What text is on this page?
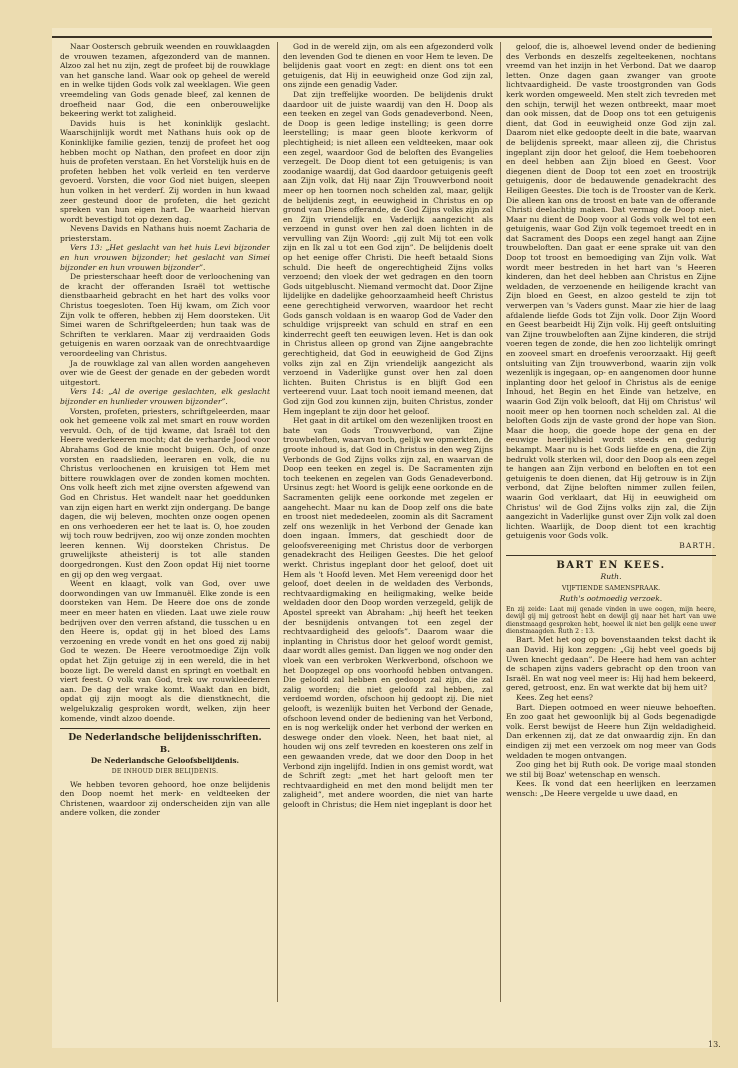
Naar Oostersch gebruik weenden en rouwklaagden de vrouwen tezamen, afgezonderd van de mannen. Alzoo zal het nu zijn, zegt de profeet bij de rouwklage van het gansche land. Waar ook op geheel de wereld en in welke tijden Gods volk zal weeklagen. Wie geen vreemdeling van Gods genade bleef, zal kennen de droefheid naar God, die een onberouwelijke bekeering werkt tot zaligheid.

Davids huis is het koninklijk geslacht. Waarschijnlijk wordt met Nathans huis ook op de Koninklijke familie gezien, tenzij de profeet het oog hebben mocht op Nathan, den profeet en door zijn huis de profeten verstaan. En het Vorstelijk huis en de profeten hebben het volk verleid en ten verderve gevoerd. Vorsten, die voor God niet buigen, sleepen hun volken in het verderf. Zij worden in hun kwaad zeer gesteund door de profeten, die het gezicht spreken van hun eigen hart. De waarheid hiervan wordt bevestigd tot op dezen dag.

Nevens Davids en Nathans huis noemt Zacharia de priesterstam.

Vers 13: „Het geslacht van het huis Levi bijzonder en hun vrouwen bijzonder; het geslacht van Simei bijzonder en hun vrouwen bijzonder”.

De priesterschaar heeft door de verloochening van de kracht der offeranden Israël tot wettische dienstbaarheid gebracht en het hart des volks voor Christus toegesloten. Toen Hij kwam, om Zich voor Zijn volk te offeren, hebben zij Hem doorsteken. Uit Simei waren de Schriftgeleerden; hun taak was de Schriften te verklaren. Maar zij verdraaiden Gods getuigenis en waren oorzaak van de onrechtvaardige veroordeeling van Christus.

Ja de rouwklage zal van allen worden aangeheven over wie de Geest der genade en der gebeden wordt uitgestort.

Vers 14: „Al de overige geslachten, elk geslacht bijzonder en hunlieder vrouwen bijzonder”.

Vorsten, profeten, priesters, schriftgeleerden, maar ook het gemeene volk zal met smart en rouw worden vervuld. Och, of de tijd kwame, dat Israël tot den Heere wederkeeren mocht; dat de verharde Jood voor Abrahams God de knie mocht buigen. Och, of onze vorsten en raadslieden, leeraren en volk, die nu Christus verloochenen en kruisigen tot Hem met bittere rouwklagen over de zonden komen mochten. Ons volk heeft zich met zijne oversten afgewend van God en Christus. Het wandelt naar het goeddunken van zijn eigen hart en werkt zijn ondergang. De bange dagen, die wij beleven, mochten onze oogen openen en ons verhoederen eer het te laat is. O, hoe zouden wij toch rouw bedrijven, zoo wij onze zonden mochten leeren kennen. Wij doorsteken Christus. De gruwelijkste atheisterij is tot alle standen doorgedrongen. Kust den Zoon opdat Hij niet toorne en gij op den weg vergaat.

Weent en klaagt, volk van God, over uwe doorwondingen van uw Immanuël. Elke zonde is een doorsteken van Hem. De Heere doe ons de zonde meer en meer haten en vlieden. Laat uwe ziele rouw bedrijven over den verren afstand, die tusschen u en den Heere is, opdat gij in het bloed des Lams verzoening en vrede vondt en het ons goed zij nabij God te wezen. De Heere verootmoedige Zijn volk opdat het Zijn getuige zij in een wereld, die in het booze ligt. De wereld danst en springt en voetbalt en viert feest. O volk van God, trek uw rouwkleederen aan. De dag der wrake komt. Waakt dan en bidt, opdat gij zijn moogt als die dienstknecht, die welgelukzalig gesproken wordt, welken, zijn heer komende, vindt alzoo doende.

De Nederlandsche belijdenisschriften.
B.
De Nederlandsche Geloofsbelijdenis.
DE INHOUD DIER BELIJDENIS.

We hebben tevoren gehoord, hoe onze belijdenis den Doop noemt het merk- en veldteeken der Christenen, waardoor zij onderscheiden zijn van alle andere volken, die zonder

God in de wereld zijn, om als een afgezonderd volk den levenden God te dienen en voor Hem te leven. De belijdenis gaat voort en zegt: en dient ons tot een getuigenis, dat Hij in eeuwigheid onze God zijn zal, ons zijnde een genadig Vader.

Dat zijn treffelijke woorden. De belijdenis drukt daardoor uit de juiste waardij van den H. Doop als een teeken en zegel van Gods genadeverbond. Neen, de Doop is geen ledige instelling; is geen dorre leerstelling; is maar geen bloote kerkvorm of plechtigheid; is niet alleen een veldteeken, maar ook een zegel, waardoor God de beloften des Evangelies verzegelt. De Doop dient tot een getuigenis; is van zoodanige waardij, dat God daardoor getuigenis geeft aan Zijn volk, dat Hij naar Zijn Trouwverbond nooit meer op hen toornen noch schelden zal, maar, gelijk de belijdenis zegt, in eeuwigheid in Christus en op grond van Diens offerande, de God Zijns volks zijn zal en Zijn vriendelijk en Vaderlijk aangezicht als verzoend in gunst over hen zal doen lichten in de vervulling van Zijn Woord: „gij zult Mij tot een volk zijn en Ik zal u tot een God zijn”. De belijdenis doelt op het eenige offer Christi. Die heeft betaald Sions schuld. Die heeft de ongerechtigheid Zijns volks verzoend; den vloek der wet gedragen en den toorn Gods uitgebluscht. Niemand vermocht dat. Door Zijne lijdelijke en dadelijke gehoorzaamheid heeft Christus eene gerechtigheid verworven, waardoor het recht Gods gansch voldaan is en waarop God de Vader den schuldige vrijspreekt van schuld en straf en een kinderrecht geeft ten eeuwigen leven. Het is dan ook in Christus alleen op grond van Zijne aangebrachte gerechtigheid, dat God in eeuwigheid de God Zijns volks zijn zal en Zijn vriendelijk aangezicht als verzoend in Vaderlijke gunst over hen zal doen lichten. Buiten Christus is en blijft God een verteerend vuur. Laat toch nooit iemand meenen, dat God zijn God zou kunnen zijn, buiten Christus, zonder Hem ingeplant te zijn door het geloof.

Het gaat in dit artikel om den wezenlijken troost en bate van Gods Trouwverbond, van Zijne trouwbeloften, waarvan toch, gelijk we opmerkten, de groote inhoud is, dat God in Christus in den weg Zijns Verbonds de God Zijns volks zijn zal, en waarvan de Doop een teeken en zegel is. De Sacramenten zijn toch teekenen en zegelen van Gods Genadeverbond. Ursinus zegt: het Woord is gelijk eene oorkonde en de Sacramenten gelijk eene oorkonde met zegelen er aangehecht. Maar nu kan de Doop zelf ons die bate en troost niet mededeelen, zoomin als dit Sacrament zelf ons wezenlijk in het Verbond der Genade kan doen ingaan. Immers, dat geschiedt door de geloofsvereeniging met Christus door de verborgen genadekracht des Heiligen Geestes. Die het geloof werkt. Christus ingeplant door het geloof, doet uit Hem als 't Hoofd leven. Met Hem vereenigd door het geloof, doet deelen in de weldaden des Verbonds, rechtvaardigmaking en heiligmaking, welke beide weldaden door den Doop worden verzegeld, gelijk de Apostel spreekt van Abraham: „hij heeft het teeken der besnijdenis ontvangen tot een zegel der rechtvaardigheid des geloofs”. Daarom waar die inplanting in Christus door het geloof wordt gemist, daar wordt alles gemist. Dan liggen we nog onder den vloek van een verbroken Werkverbond, ofschoon we het Doopzegel op ons voorhoofd hebben ontvangen. Die geloofd zal hebben en gedoopt zal zijn, die zal zalig worden; die niet geloofd zal hebben, zal verdoemd worden, ofschoon hij gedoopt zij. Die niet gelooft, is wezenlijk buiten het Verbond der Genade, ofschoon levend onder de bediening van het Verbond, en is nog werkelijk onder het verbond der werken en deswege onder den vloek. Neen, het baat niet, al houden wij ons zelf tevreden en koesteren ons zelf in een gewaanden vrede, dat we door den Doop in het Verbond zijn ingelijfd. Indien in ons gemist wordt, wat de Schrift zegt: „met het hart gelooft men ter rechtvaardigheid en met den mond belijdt men ter zaligheid”, met andere woorden, die niet van harte gelooft in Christus; die Hem niet ingeplant is door het

geloof, die is, alhoewel levend onder de bediening des Verbonds en deszelfs zegelteekenen, nochtans vreemd van het inzijn in het Verbond. Dat we daarop letten. Onze dagen gaan zwanger van groote lichtvaardigheid. De vaste troostgronden van Gods kerk worden omgeweeld. Men stelt zich tevreden met den schijn, terwijl het wezen ontbreekt, maar moet dan ook missen, dat de Doop ons tot een getuigenis dient, dat God in eeuwigheid onze God zijn zal. Daarom niet elke gedoopte deelt in die bate, waarvan de belijdenis spreekt, maar alleen zij, die Christus ingeplant zijn door het geloof, die Hem toebehooren en deel hebben aan Zijn bloed en Geest. Voor diegenen dient de Doop tot een zoet en troostrijk getuigenis, door de bedauwende genadekracht des Heiligen Geestes. Die toch is de Trooster van de Kerk. Die alleen kan ons de troost en bate van de offerande Christi deelachtig maken. Dat vermag de Doop niet. Maar nu dient de Doop voor al Gods volk wel tot een getuigenis, waar God Zijn volk tegemoet treedt en in dat Sacrament des Doops een zegel hangt aan Zijne trouwbeloften. Dan gaat er eene sprake uit van den Doop tot troost en bemoediging van Zijn volk. Wat wordt meer bestreden in het hart van 's Heeren kinderen, dan het deel hebben aan Christus en Zijne weldaden, de verzoenende en heiligende kracht van Zijn bloed en Geest, en alzoo gesteld te zijn tot verwerpen van 's Vaders gunst. Maar zie hier de laag afdalende liefde Gods tot Zijn volk. Door Zijn Woord en Geest bearbeidt Hij Zijn volk. Hij geeft ontsluiting van Zijne trouwbeloften aan Zijne kinderen, die strijd voeren tegen de zonde, die hen zoo lichtelijk omringt en zooveel smart en droefenis veroorzaakt. Hij geeft ontsluiting van Zijn trouwverbond, waarin zijn volk wezenlijk is ingegaan, op- en aangenomen door hunne inplanting door het geloof in Christus als de eenige Inhoud, het Begin en het Einde van hetzelve, en waarin God Zijn volk belooft, dat Hij om Christus' wil nooit meer op hen toornen noch schelden zal. Al die beloften Gods zijn de vaste grond der hope van Sion. Maar die hoop, die goede hope der gena en der eeuwige heerlijkheid wordt steeds en gedurig bekampt. Maar nu is het Gods liefde en gena, die Zijn bedrukt volk sterken wil, door den Doop als een zegel te hangen aan Zijn verbond en beloften en tot een getuigenis te doen dienen, dat Hij getrouw is in Zijn verbond, dat Zijne beloften nimmer zullen feilen, waarin God verklaart, dat Hij in eeuwigheid om Christus' wil de God Zijns volks zijn zal, die Zijn aangezicht in Vaderlijke gunst over Zijn volk zal doen lichten. Waarlijk, de Doop dient tot een krachtig getuigenis voor Gods volk.

BARTH.

BART EN KEES.
Ruth.
VIJFTIENDE SAMENSPRAAK.
Ruth's ootmoedig verzoek.

En zij zeide: Laat mij genade vinden in uwe oogen, mijn heere, dewijl gij mij getroost hebt en dewijl gij naar het hart van uwe dienstmaagd gesproken hebt, hoewel ik niet ben gelijk eene uwer dienstmaagden. Ruth 2 : 13.

Bart. Met het oog op bovenstaanden tekst dacht ik aan David. Hij kon zeggen: „Gij hebt veel goeds bij Uwen knecht gedaan”. De Heere had hem van achter de schapen zijns vaders gebracht op den troon van Israël. En wat nog veel meer is: Hij had hem bekeerd, gered, getroost, enz. En wat werkte dat bij hem uit?

Kees. Zeg het eens?

Bart. Diepen ootmoed en weer nieuwe behoeften. En zoo gaat het gewoonlijk bij al Gods begenadigde volk. Eerst bewijst de Heere hun Zijn weldadigheid. Dan erkennen zij, dat ze dat onwaardig zijn. En dan eindigen zij met een verzoek om nog meer van Gods weldaden te mogen ontvangen.

Zoo ging het bij Ruth ook. De vorige maal stonden we stil bij Boaz' wetenschap en wensch.

Kees. Ik vond dat een heerlijken en leerzamen wensch: „De Heere vergelde u uwe daad, en

13.
